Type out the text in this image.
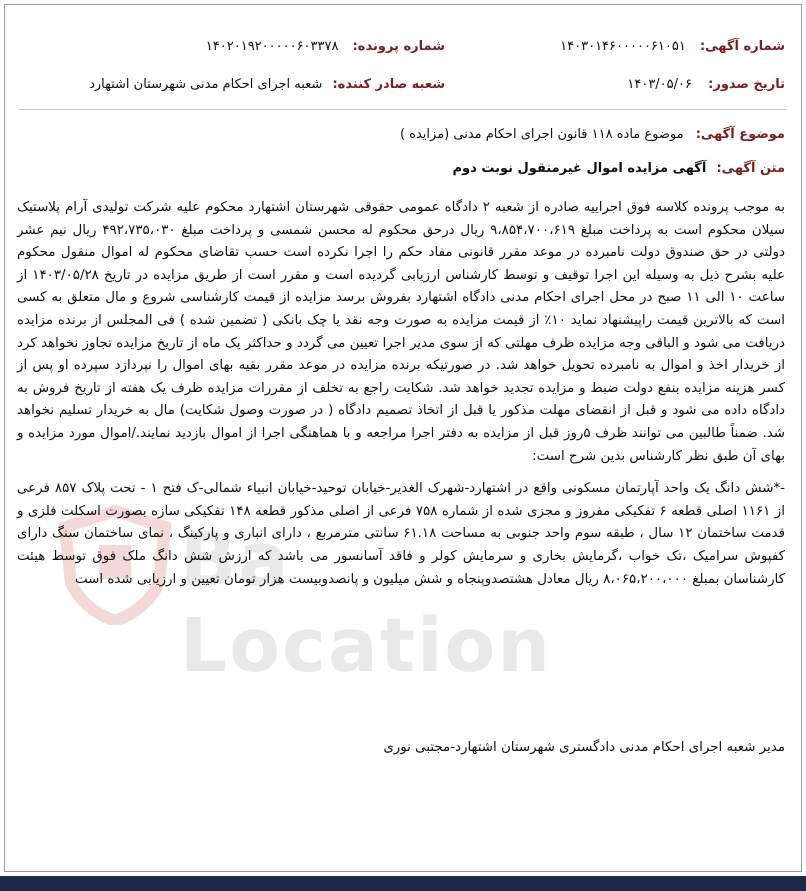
شماره آگهی: ۱۴۰۳۰۱۴۶۰۰۰۰۰۶۱۰۵۱
شماره پرونده: ۱۴۰۲۰۱۹۲۰۰۰۰۰۶۰۳۳۷۸
تاریخ صدور: ۱۴۰۳/۰۵/۰۶
شعبه صادر کننده: شعبه اجرای احکام مدنی شهرستان اشتهارد
موضوع آگهی: موضوع ماده ۱۱۸ قانون اجرای احکام مدنی (مزایده )
متن آگهی: آگهی مزایده اموال غیرمنقول نوبت دوم
Ba Location

به موجب پرونده کلاسه فوق اجراییه صادره از شعبه ۲ دادگاه عمومی حقوقی شهرستان اشتهارد محکوم علیه شرکت تولیدی آرام پلاستیک سیلان محکوم است به پرداخت مبلغ ۹،۸۵۴،۷۰۰،۶۱۹ ریال درحق محکوم له محسن شمسی و پرداخت مبلغ ۴۹۲،۷۳۵،۰۳۰ ریال نیم عشر دولتی در حق صندوق دولت نامبرده در موعد مقرر قانونی مفاد حکم را اجرا نکرده است حسب تقاضای محکوم له اموال منقول محکوم علیه بشرح ذیل به وسیله این اجرا توقیف و توسط کارشناس ارزیابی گردیده است و مقرر است از طریق مزایده در تاریخ ۱۴۰۳/۰۵/۲۸ از ساعت ۱۰ الی ۱۱ صبح در محل اجرای احکام مدنی دادگاه اشتهارد بفروش برسد مزایده از قیمت کارشناسی شروع و مال متعلق به کسی است که بالاترین قیمت راپیشنهاد نماید ۱۰٪ از قیمت مزایده به صورت وجه نقد یا چک بانکی ( تضمین شده ) فی المجلس از برنده مزایده دریافت می شود و الباقی وجه مزایده ظرف مهلتی که از سوی مدیر اجرا تعیین می گردد و حداکثر یک ماه از تاریخ مزایده تجاوز نخواهد کرد از خریدار اخذ و اموال به نامبرده تحویل خواهد شد. در صورتیکه برنده مزایده در موعد مقرر بقیه بهای اموال را نپردازد سپرده او پس از کسر هزینه مزایده بنفع دولت ضبط و مزایده تجدید خواهد شد. شکایت راجع به تخلف از مقررات مزایده ظرف یک هفته از تاریخ فروش به دادگاه داده می شود و قبل از انقضای مهلت مذکور یا قبل از اتخاذ تصمیم دادگاه ( در صورت وصول شکایت) مال به خریدار تسلیم نخواهد شد. ضمناً طالبین می توانند ظرف ۵روز قبل از مزایده به دفتر اجرا مراجعه و با هماهنگی اجرا از اموال بازدید نمایند./اموال مورد مزایده و بهای آن طبق نظر کارشناس بدین شرح است:

-*شش دانگ یک واحد آپارتمان مسکونی واقع در اشتهارد-شهرک الغدیر-خیابان توحید-خیابان انبیاء شمالی-ک فتح ۱ - تحت پلاک ۸۵۷ فرعی از ۱۱۶۱ اصلی قطعه ۶ تفکیکی مفروز و مجزی شده از شماره ۷۵۸ فرعی از اصلی مذکور قطعه ۱۴۸ تفکیکی سازه بصورت اسکلت فلزی و قدمت ساختمان ۱۲ سال ، طبقه سوم واحد جنوبی به مساحت ۶۱.۱۸ سانتی مترمربع ، دارای انباری و پارکینگ ، نمای ساختمان سنگ دارای کفپوش سرامیک ،تک خواب ،گرمایش بخاری و سرمایش کولر و فاقد آسانسور می باشد که ارزش شش دانگ ملک فوق توسط هیئت کارشناسان بمبلغ ۸،۰۶۵،۲۰۰،۰۰۰ ریال معادل هشتصدوپنجاه و شش میلیون و پانصدوبیست هزار تومان تعیین و ارزیابی شده است

مدیر شعبه اجرای احکام مدنی دادگستری شهرستان اشتهارد-مجتبی نوری
